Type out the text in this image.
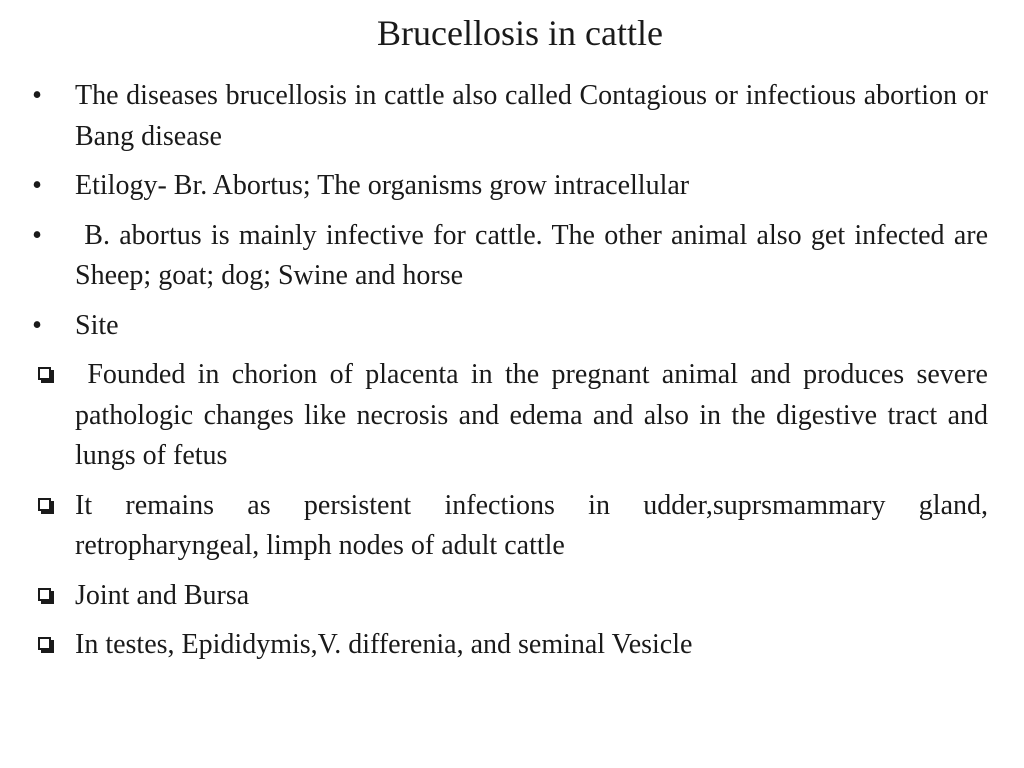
Brucellosis in cattle
• The diseases brucellosis in cattle also called Contagious or infectious abortion or Bang disease
• Etilogy- Br. Abortus; The organisms grow intracellular
• B. abortus is mainly infective for cattle. The other animal also get infected are Sheep; goat; dog; Swine and horse
• Site
Founded in chorion of placenta in the pregnant animal and produces severe pathologic changes like necrosis and edema and also in the digestive tract and lungs of fetus
It remains as persistent infections in udder,suprsmammary gland, retropharyngeal, limph nodes of adult cattle
Joint and Bursa
In testes, Epididymis,V. differenia, and seminal Vesicle
